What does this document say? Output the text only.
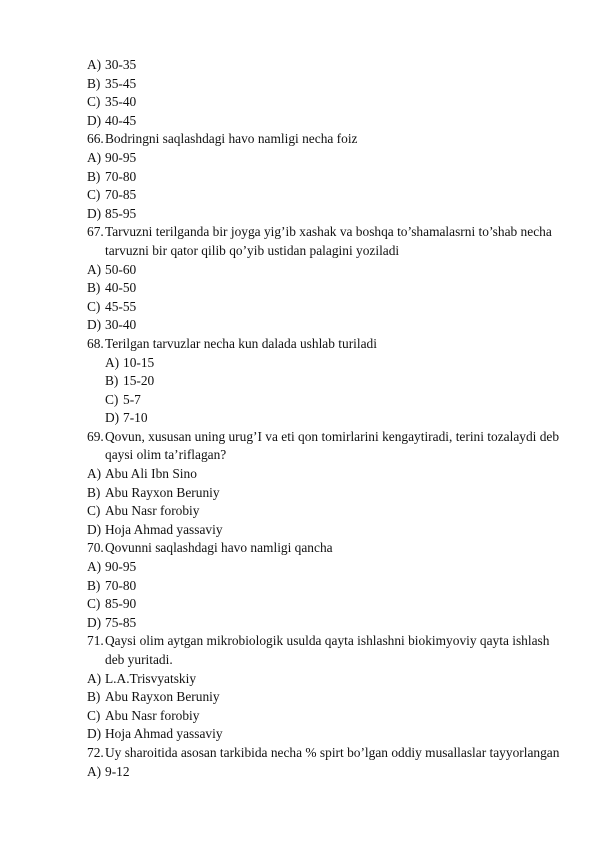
A) 30-35
B) 35-45
C) 35-40
D) 40-45
66. Bodringni saqlashdagi havo namligi necha foiz
A) 90-95
B) 70-80
C) 70-85
D) 85-95
67. Tarvuzni terilganda bir joyga yig’ib xashak va boshqa to’shamalasrni to’shab necha
tarvuzni bir qator qilib qo’yib ustidan palagini yoziladi
A) 50-60
B) 40-50
C) 45-55
D) 30-40
68. Terilgan tarvuzlar necha kun dalada ushlab turiladi
A) 10-15
B) 15-20
C) 5-7
D) 7-10
69. Qovun, xususan uning urug’I va eti qon tomirlarini kengaytiradi, terini tozalaydi deb
qaysi olim ta’riflagan?
A) Abu Ali Ibn Sino
B) Abu Rayxon Beruniy
C) Abu Nasr forobiy
D) Hoja Ahmad yassaviy
70. Qovunni saqlashdagi havo namligi qancha
A) 90-95
B) 70-80
C) 85-90
D) 75-85
71. Qaysi olim aytgan mikrobiologik usulda qayta ishlashni biokimyoviy qayta ishlash
deb yuritadi.
A) L.A.Trisvyatskiy
B) Abu Rayxon Beruniy
C) Abu Nasr forobiy
D) Hoja Ahmad yassaviy
72. Uy sharoitida asosan tarkibida necha % spirt bo’lgan oddiy musallaslar tayyorlangan
A) 9-12
